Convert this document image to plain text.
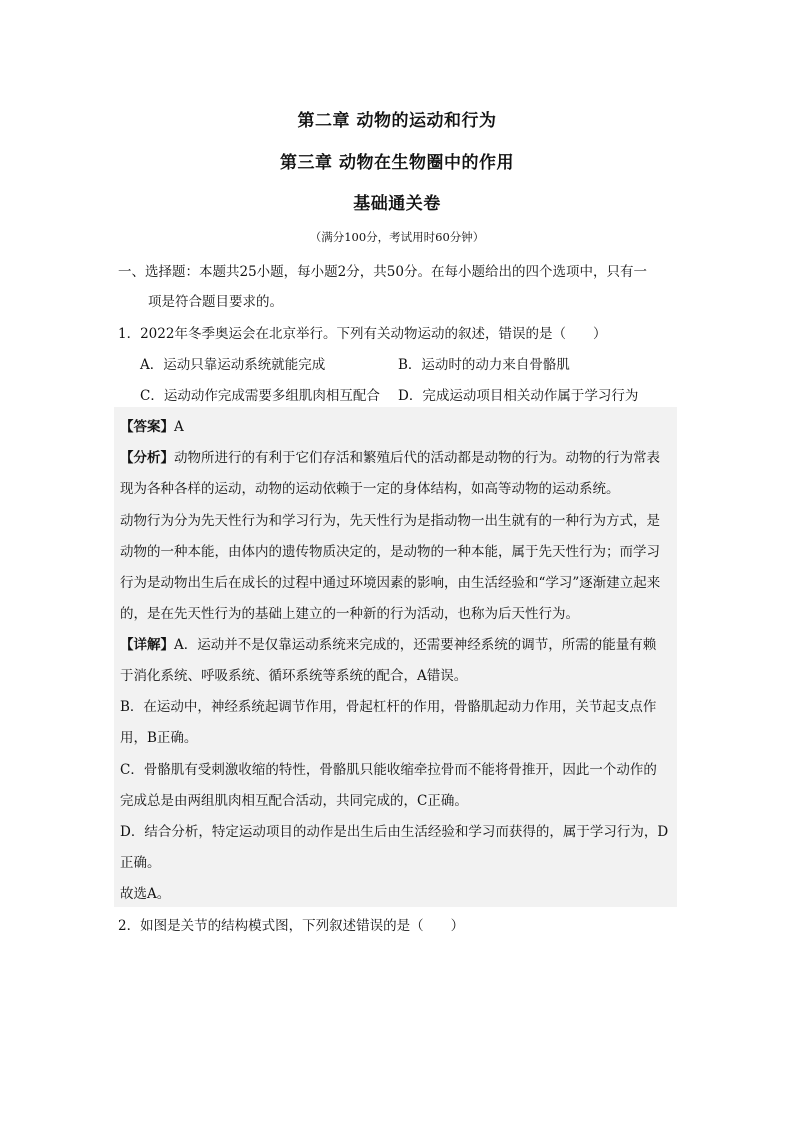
第二章 动物的运动和行为
第三章 动物在生物圈中的作用
基础通关卷
（满分100分，考试用时60分钟）
一、选择题：本题共25小题，每小题2分，共50分。在每小题给出的四个选项中，只有一
项是符合题目要求的。
1．2022年冬季奥运会在北京举行。下列有关动物运动的叙述，错误的是（　　）
A．运动只靠运动系统就能完成	B．运动时的动力来自骨骼肌
C．运动动作完成需要多组肌肉相互配合 D．完成运动项目相关动作属于学习行为
【答案】A
【分析】动物所进行的有利于它们存活和繁殖后代的活动都是动物的行为。动物的行为常表
现为各种各样的运动，动物的运动依赖于一定的身体结构，如高等动物的运动系统。
动物行为分为先天性行为和学习行为，先天性行为是指动物一出生就有的一种行为方式，是
动物的一种本能，由体内的遗传物质决定的，是动物的一种本能，属于先天性行为；而学习
行为是动物出生后在成长的过程中通过环境因素的影响，由生活经验和“学习”逐渐建立起来
的，是在先天性行为的基础上建立的一种新的行为活动，也称为后天性行为。
【详解】A．运动并不是仅靠运动系统来完成的，还需要神经系统的调节，所需的能量有赖
于消化系统、呼吸系统、循环系统等系统的配合，A错误。
B．在运动中，神经系统起调节作用，骨起杠杆的作用，骨骼肌起动力作用，关节起支点作
用，B正确。
C．骨骼肌有受刺激收缩的特性，骨骼肌只能收缩牵拉骨而不能将骨推开，因此一个动作的
完成总是由两组肌肉相互配合活动，共同完成的，C正确。
D．结合分析，特定运动项目的动作是出生后由生活经验和学习而获得的，属于学习行为，D
正确。
故选A。
2．如图是关节的结构模式图，下列叙述错误的是（　　）
